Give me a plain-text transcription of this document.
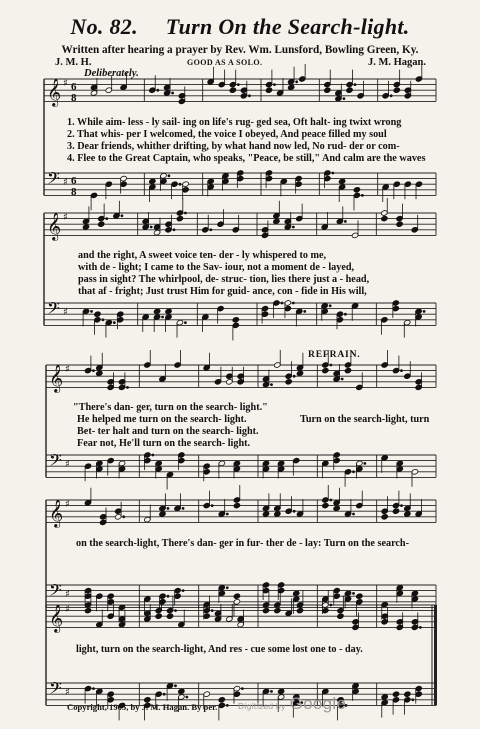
No. 82. Turn On the Search-light.
Written after hearing a prayer by Rev. Wm. Lunsford, Bowling Green, Ky.
J. M. H.	GOOD AS A SOLO.	J. M. Hagan.
Deliberately.
𝄞
𝄢
♯
♯
6
8
6
8
𝄞
𝄢
♯
♯
𝄞
𝄢
♯
♯
𝄞
𝄢
♯
♯
𝄞
𝄢
♯
♯
1. While aim- less - ly sail- ing on life's rug- ged sea, Oft halt- ing twixt wrong
2. That whis- per I welcomed, the voice I obeyed, And peace filled my soul
3. Dear friends, whither drifting, by what hand now led, No rud- der or com-
4. Flee to the Great Captain, who speaks, "Peace, be still," And calm are the waves
and the right, A sweet voice ten- der - ly whispered to me,
with de - light; I came to the Sav- iour, not a moment de - layed,
pass in sight? The whirlpool, de- struc- tion, lies there just a - head,
that af - fright; Just trust Him for guid- ance, con - fide in His will,
REFRAIN.
"There's dan- ger, turn on the search- light."
He helped me turn on the search- light.
Bet- ter halt and turn on the search- light.
Fear not, He'll turn on the search- light.
Turn on the search-light, turn
on the search-light, There's dan- ger in fur- ther de - lay: Turn on the search-
light, turn on the search-light, And res - cue some lost one to - day.
Copyright, 1905, by J. M. Hagan. By per.	Digitized by Google
